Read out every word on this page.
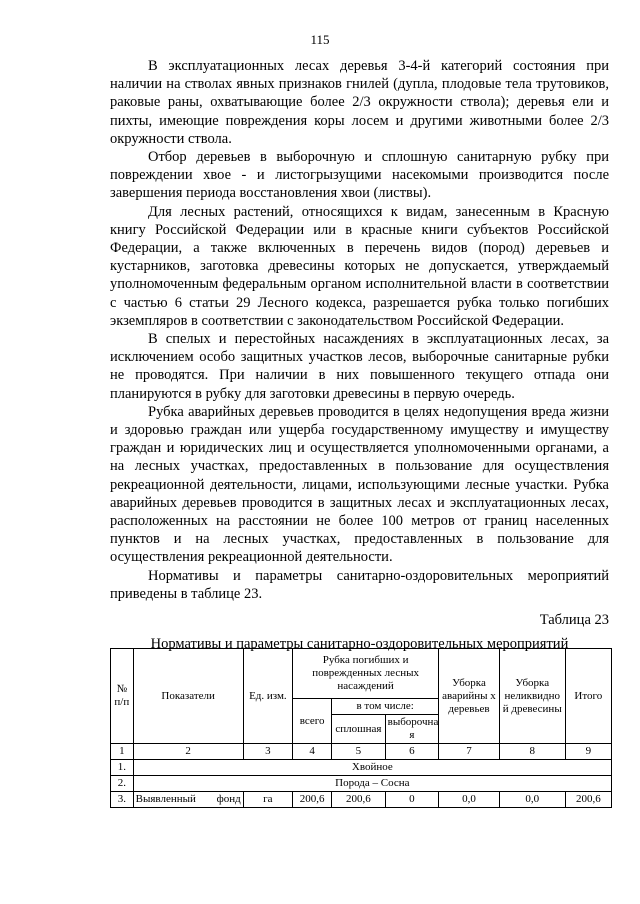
115

В эксплуатационных лесах деревья 3-4-й категорий состояния при наличии на стволах явных признаков гнилей (дупла, плодовые тела трутовиков, раковые раны, охватывающие более 2/3 окружности ствола); деревья ели и пихты, имеющие повреждения коры лосем и другими животными более 2/3 окружности ствола.

Отбор деревьев в выборочную и сплошную санитарную рубку при повреждении хвое - и листогрызущими насекомыми производится после завершения периода восстановления хвои (листвы).

Для лесных растений, относящихся к видам, занесенным в Красную книгу Российской Федерации или в красные книги субъектов Российской Федерации, а также включенных в перечень видов (пород) деревьев и кустарников, заготовка древесины которых не допускается, утверждаемый уполномоченным федеральным органом исполнительной власти в соответствии с частью 6 статьи 29 Лесного кодекса, разрешается рубка только погибших экземпляров в соответствии с законодательством Российской Федерации.

В спелых и перестойных насаждениях в эксплуатационных лесах, за исключением особо защитных участков лесов, выборочные санитарные рубки не проводятся. При наличии в них повышенного текущего отпада они планируются в рубку для заготовки древесины в первую очередь.

Рубка аварийных деревьев проводится в целях недопущения вреда жизни и здоровью граждан или ущерба государственному имуществу и имуществу граждан и юридических лиц и осуществляется уполномоченными органами, а на лесных участках, предоставленных в пользование для осуществления рекреационной деятельности, лицами, использующими лесные участки. Рубка аварийных деревьев проводится в защитных лесах и эксплуатационных лесах, расположенных на расстоянии не более 100 метров от границ населенных пунктов и на лесных участках, предоставленных в пользование для осуществления рекреационной деятельности.

Нормативы и параметры санитарно-оздоровительных мероприятий приведены в таблице 23.

Таблица 23
Нормативы и параметры санитарно-оздоровительных мероприятий
№ п/п	Показатели	Ед. изм.	Рубка погибших и поврежденных лесных насаждений			Уборка аварийны х деревьев	Уборка неликвидно й древесины	Итого
			всего	в том числе:				
				сплошная	выборочна я			
1	2	3	4	5	6	7	8	9
1.	Хвойное							
2.	Порода – Сосна							
3.	Выявленный фонд	га	200,6	200,6	0	0,0	0,0	200,6
